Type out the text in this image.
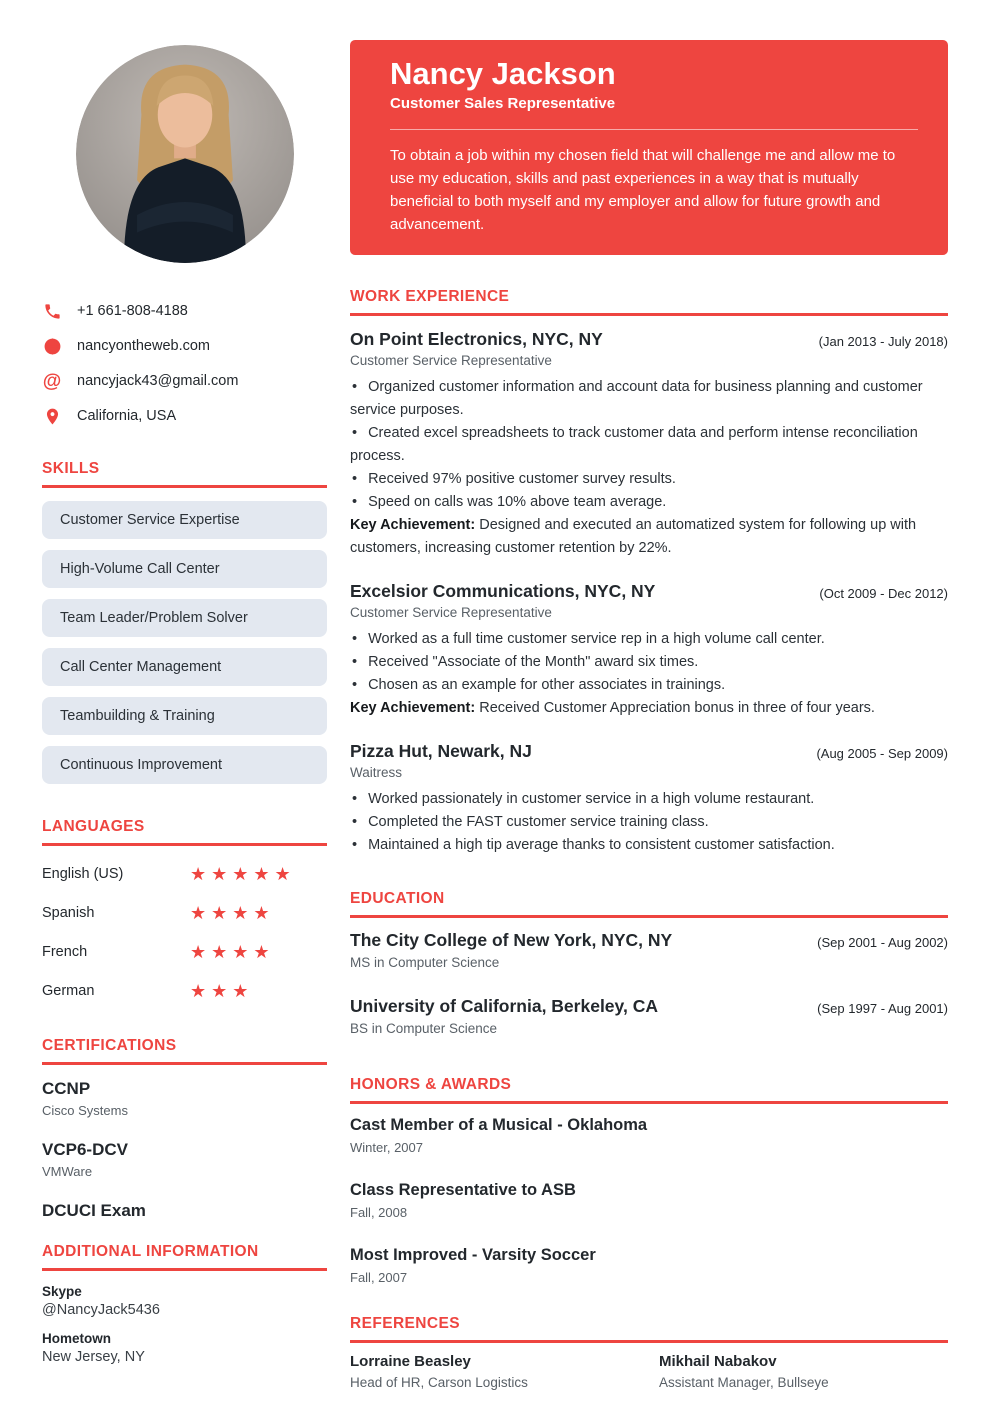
+1 661-808-4188
nancyontheweb.com
@ nancyjack43@gmail.com
California, USA
SKILLS
Customer Service Expertise
High-Volume Call Center
Team Leader/Problem Solver
Call Center Management
Teambuilding & Training
Continuous Improvement
LANGUAGES
English (US)	★★★★★
Spanish	★★★★
French	★★★★
German	★★★
CERTIFICATIONS
CCNP
Cisco Systems
VCP6-DCV
VMWare
DCUCI Exam
ADDITIONAL INFORMATION
Skype
@NancyJack5436
Hometown
New Jersey, NY
Nancy Jackson
Customer Sales Representative
To obtain a job within my chosen field that will challenge me and allow me to use my education, skills and past experiences in a way that is mutually beneficial to both myself and my employer and allow for future growth and advancement.
WORK EXPERIENCE
On Point Electronics, NYC, NY	(Jan 2013 - July 2018)
Customer Service Representative
• Organized customer information and account data for business planning and customer service purposes.
• Created excel spreadsheets to track customer data and perform intense reconciliation process.
• Received 97% positive customer survey results.
• Speed on calls was 10% above team average.
Key Achievement: Designed and executed an automatized system for following up with customers, increasing customer retention by 22%.
Excelsior Communications, NYC, NY	(Oct 2009 - Dec 2012)
Customer Service Representative
• Worked as a full time customer service rep in a high volume call center.
• Received "Associate of the Month" award six times.
• Chosen as an example for other associates in trainings.
Key Achievement: Received Customer Appreciation bonus in three of four years.
Pizza Hut, Newark, NJ	(Aug 2005 - Sep 2009)
Waitress
• Worked passionately in customer service in a high volume restaurant.
• Completed the FAST customer service training class.
• Maintained a high tip average thanks to consistent customer satisfaction.
EDUCATION
The City College of New York, NYC, NY	(Sep 2001 - Aug 2002)
MS in Computer Science
University of California, Berkeley, CA	(Sep 1997 - Aug 2001)
BS in Computer Science
HONORS & AWARDS
Cast Member of a Musical - Oklahoma
Winter, 2007
Class Representative to ASB
Fall, 2008
Most Improved - Varsity Soccer
Fall, 2007
REFERENCES
Lorraine Beasley
Head of HR, Carson Logistics
Mikhail Nabakov
Assistant Manager, Bullseye
